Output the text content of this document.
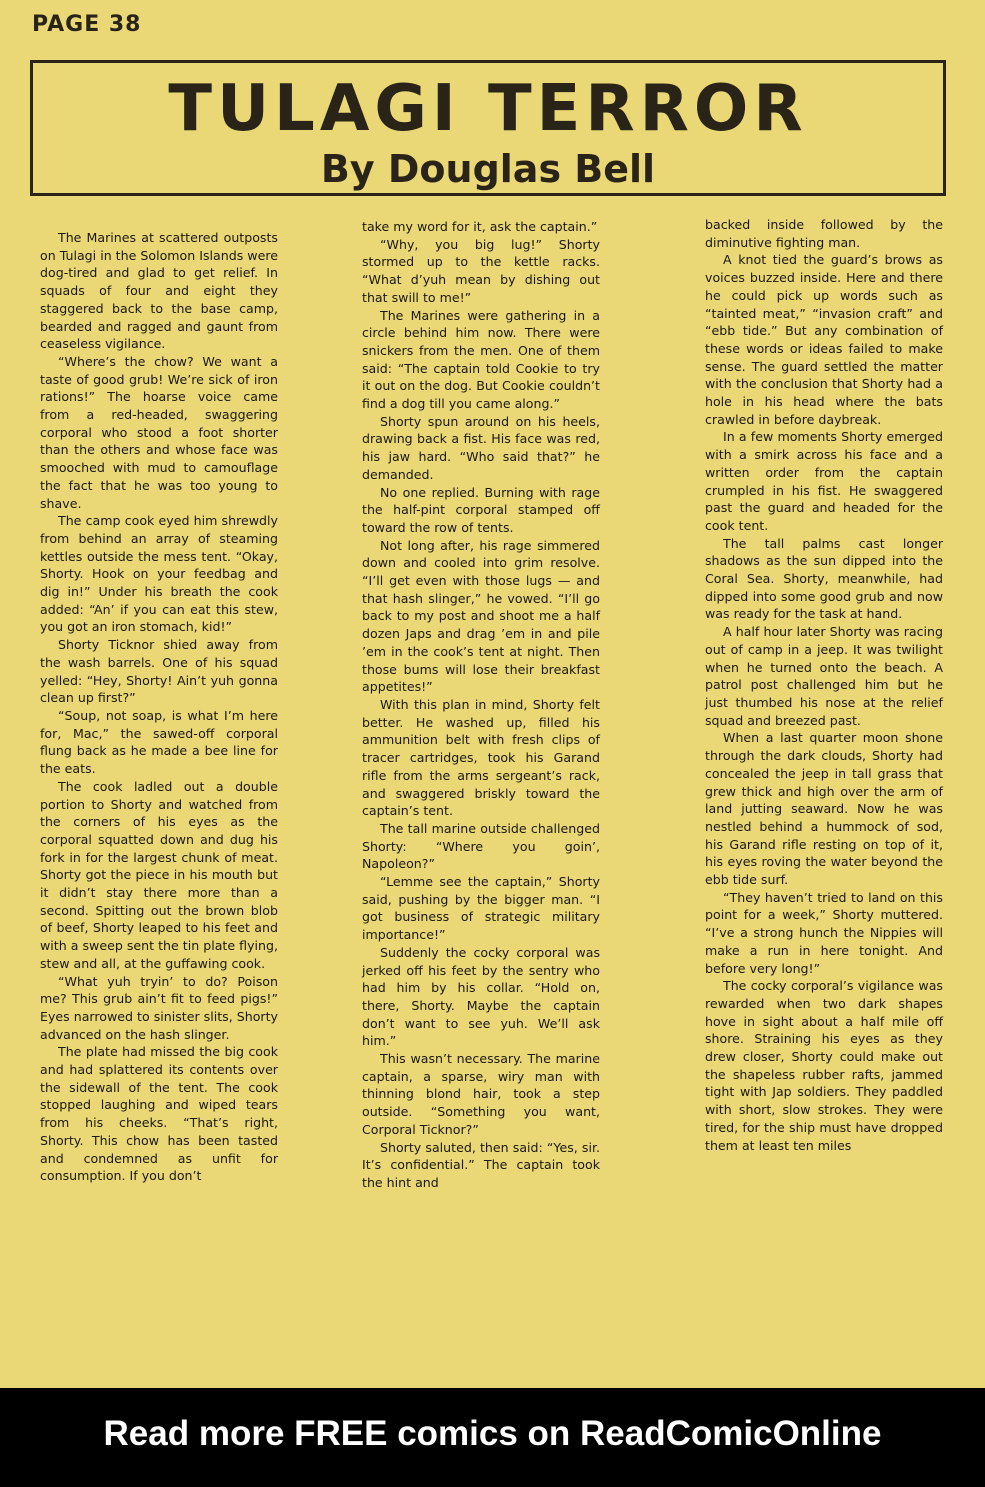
PAGE 38
TULAGI TERROR
By Douglas Bell

The Marines at scattered outposts on Tulagi in the Solomon Islands were dog-tired and glad to get relief. In squads of four and eight they staggered back to the base camp, bearded and ragged and gaunt from ceaseless vigilance.

“Where’s the chow? We want a taste of good grub! We’re sick of iron rations!” The hoarse voice came from a red-headed, swaggering corporal who stood a foot shorter than the others and whose face was smooched with mud to camouflage the fact that he was too young to shave.

The camp cook eyed him shrewdly from behind an array of steaming kettles outside the mess tent. “Okay, Shorty. Hook on your feedbag and dig in!” Under his breath the cook added: “An’ if you can eat this stew, you got an iron stomach, kid!”

Shorty Ticknor shied away from the wash barrels. One of his squad yelled: “Hey, Shorty! Ain’t yuh gonna clean up first?”

“Soup, not soap, is what I’m here for, Mac,” the sawed-off corporal flung back as he made a bee line for the eats.

The cook ladled out a double portion to Shorty and watched from the corners of his eyes as the corporal squatted down and dug his fork in for the largest chunk of meat. Shorty got the piece in his mouth but it didn’t stay there more than a second. Spitting out the brown blob of beef, Shorty leaped to his feet and with a sweep sent the tin plate flying, stew and all, at the guffawing cook.

“What yuh tryin’ to do? Poison me? This grub ain’t fit to feed pigs!” Eyes narrowed to sinister slits, Shorty advanced on the hash slinger.

The plate had missed the big cook and had splattered its contents over the sidewall of the tent. The cook stopped laughing and wiped tears from his cheeks. “That’s right, Shorty. This chow has been tasted and condemned as unfit for consumption. If you don’t

take my word for it, ask the captain.”

“Why, you big lug!” Shorty stormed up to the kettle racks. “What d’yuh mean by dishing out that swill to me!”

The Marines were gathering in a circle behind him now. There were snickers from the men. One of them said: “The captain told Cookie to try it out on the dog. But Cookie couldn’t find a dog till you came along.”

Shorty spun around on his heels, drawing back a fist. His face was red, his jaw hard. “Who said that?” he demanded.

No one replied. Burning with rage the half-pint corporal stamped off toward the row of tents.

Not long after, his rage simmered down and cooled into grim resolve. “I’ll get even with those lugs — and that hash slinger,” he vowed. “I’ll go back to my post and shoot me a half dozen Japs and drag ’em in and pile ’em in the cook’s tent at night. Then those bums will lose their breakfast appetites!”

With this plan in mind, Shorty felt better. He washed up, filled his ammunition belt with fresh clips of tracer cartridges, took his Garand rifle from the arms sergeant’s rack, and swaggered briskly toward the captain’s tent.

The tall marine outside challenged Shorty: “Where you goin’, Napoleon?”

“Lemme see the captain,” Shorty said, pushing by the bigger man. “I got business of strategic military importance!”

Suddenly the cocky corporal was jerked off his feet by the sentry who had him by his collar. “Hold on, there, Shorty. Maybe the captain don’t want to see yuh. We’ll ask him.”

This wasn’t necessary. The marine captain, a sparse, wiry man with thinning blond hair, took a step outside. “Something you want, Corporal Ticknor?”

Shorty saluted, then said: “Yes, sir. It’s confidential.” The captain took the hint and

backed inside followed by the diminutive fighting man.

A knot tied the guard’s brows as voices buzzed inside. Here and there he could pick up words such as “tainted meat,” “invasion craft” and “ebb tide.” But any combination of these words or ideas failed to make sense. The guard settled the matter with the conclusion that Shorty had a hole in his head where the bats crawled in before daybreak.

In a few moments Shorty emerged with a smirk across his face and a written order from the captain crumpled in his fist. He swaggered past the guard and headed for the cook tent.

The tall palms cast longer shadows as the sun dipped into the Coral Sea. Shorty, meanwhile, had dipped into some good grub and now was ready for the task at hand.

A half hour later Shorty was racing out of camp in a jeep. It was twilight when he turned onto the beach. A patrol post challenged him but he just thumbed his nose at the relief squad and breezed past.

When a last quarter moon shone through the dark clouds, Shorty had concealed the jeep in tall grass that grew thick and high over the arm of land jutting seaward. Now he was nestled behind a hummock of sod, his Garand rifle resting on top of it, his eyes roving the water beyond the ebb tide surf.

“They haven’t tried to land on this point for a week,” Shorty muttered. “I’ve a strong hunch the Nippies will make a run in here tonight. And before very long!”

The cocky corporal’s vigilance was rewarded when two dark shapes hove in sight about a half mile off shore. Straining his eyes as they drew closer, Shorty could make out the shapeless rubber rafts, jammed tight with Jap soldiers. They paddled with short, slow strokes. They were tired, for the ship must have dropped them at least ten miles

Read more FREE comics on ReadComicOnline
